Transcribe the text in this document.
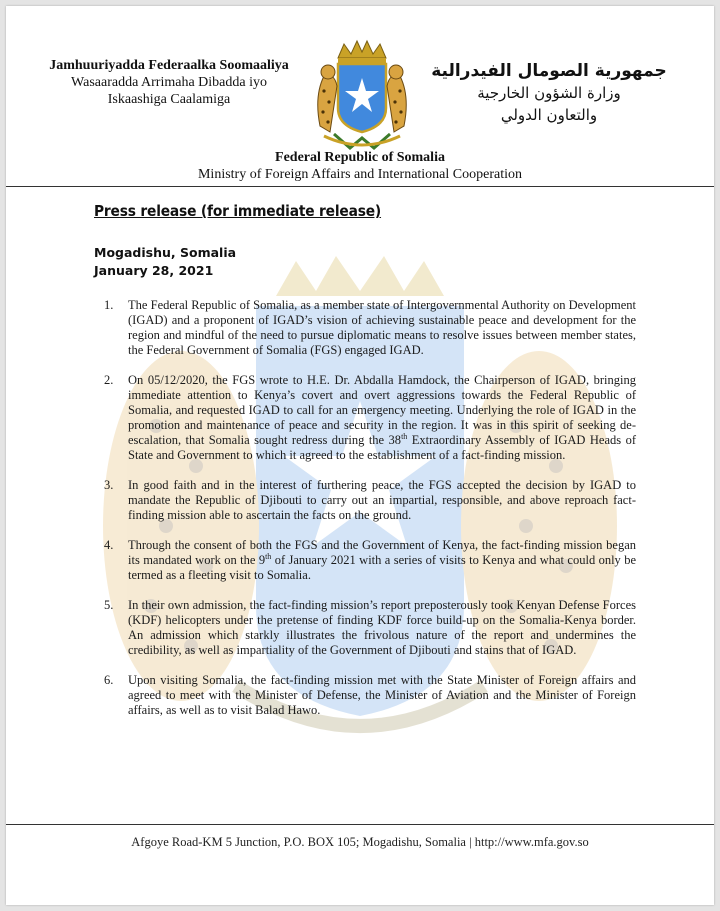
Jamhuuriyadda Federaalka Soomaaliya
Wasaaradda Arrimaha Dibadda iyo
Iskaashiga Caalamiga
جمهورية الصومال الفيدرالية
وزارة الشؤون الخارجية
والتعاون الدولي
Federal Republic of Somalia
Ministry of Foreign Affairs and International Cooperation
Press release (for immediate release)
Mogadishu, Somalia
January 28, 2021
1. The Federal Republic of Somalia, as a member state of Intergovernmental Authority on Development (IGAD) and a proponent of IGAD’s vision of achieving sustainable peace and development for the region and mindful of the need to pursue diplomatic means to resolve issues between member states, the Federal Government of Somalia (FGS) engaged IGAD.
2. On 05/12/2020, the FGS wrote to H.E. Dr. Abdalla Hamdock, the Chairperson of IGAD, bringing immediate attention to Kenya’s covert and overt aggressions towards the Federal Republic of Somalia, and requested IGAD to call for an emergency meeting. Underlying the role of IGAD in the promotion and maintenance of peace and security in the region. It was in this spirit of seeking de-escalation, that Somalia sought redress during the 38th Extraordinary Assembly of IGAD Heads of State and Government to which it agreed to the establishment of a fact-finding mission.
3. In good faith and in the interest of furthering peace, the FGS accepted the decision by IGAD to mandate the Republic of Djibouti to carry out an impartial, responsible, and above reproach fact-finding mission able to ascertain the facts on the ground.
4. Through the consent of both the FGS and the Government of Kenya, the fact-finding mission began its mandated work on the 9th of January 2021 with a series of visits to Kenya and what could only be termed as a fleeting visit to Somalia.
5. In their own admission, the fact-finding mission’s report preposterously took Kenyan Defense Forces (KDF) helicopters under the pretense of finding KDF force build-up on the Somalia-Kenya border. An admission which starkly illustrates the frivolous nature of the report and undermines the credibility, as well as impartiality of the Government of Djibouti and stains that of IGAD.
6. Upon visiting Somalia, the fact-finding mission met with the State Minister of Foreign affairs and agreed to meet with the Minister of Defense, the Minister of Aviation and the Minister of Foreign affairs, as well as to visit Balad Hawo.
Afgoye Road-KM 5 Junction, P.O. BOX 105; Mogadishu, Somalia | http://www.mfa.gov.so
